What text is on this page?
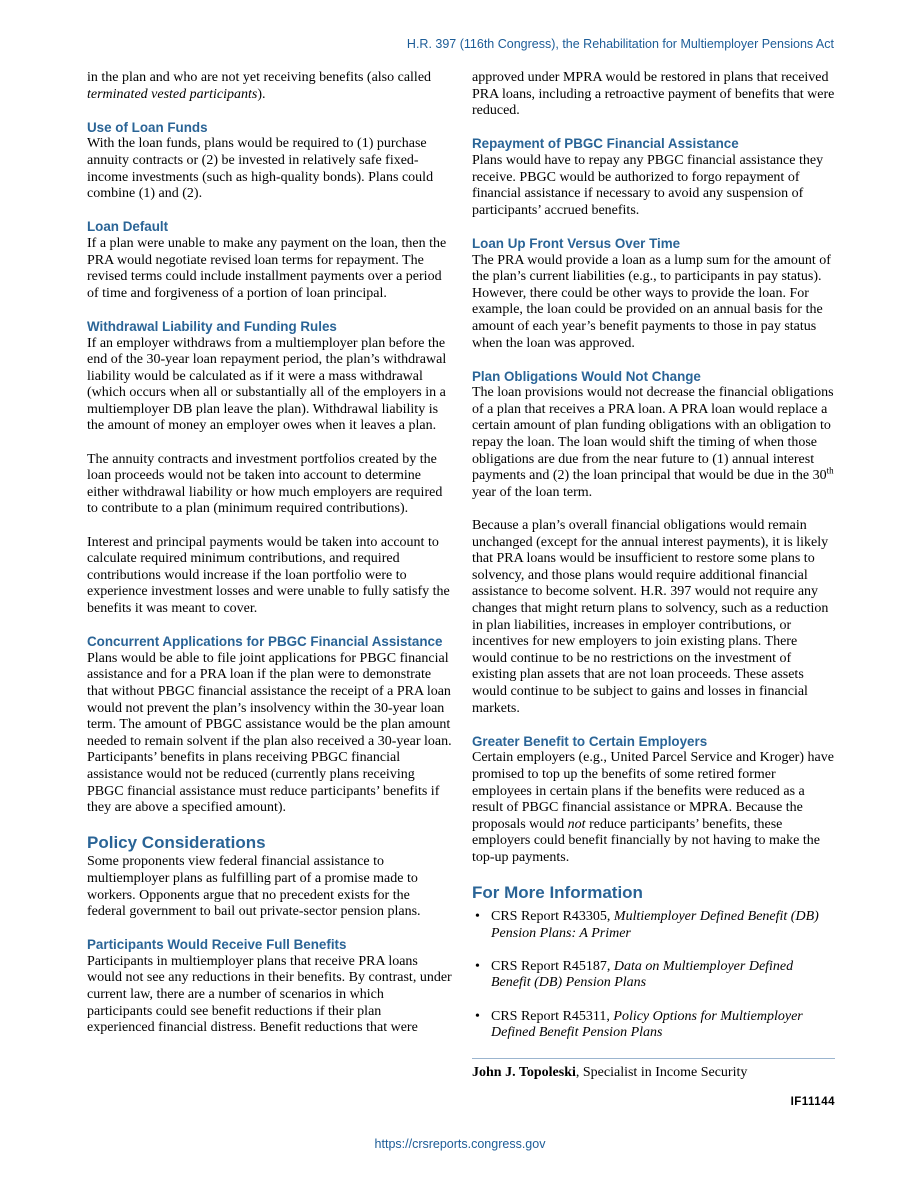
H.R. 397 (116th Congress), the Rehabilitation for Multiemployer Pensions Act

in the plan and who are not yet receiving benefits (also called terminated vested participants).

Use of Loan Funds

With the loan funds, plans would be required to (1) purchase annuity contracts or (2) be invested in relatively safe fixed-income investments (such as high-quality bonds). Plans could combine (1) and (2).

Loan Default

If a plan were unable to make any payment on the loan, then the PRA would negotiate revised loan terms for repayment. The revised terms could include installment payments over a period of time and forgiveness of a portion of loan principal.

Withdrawal Liability and Funding Rules

If an employer withdraws from a multiemployer plan before the end of the 30-year loan repayment period, the plan’s withdrawal liability would be calculated as if it were a mass withdrawal (which occurs when all or substantially all of the employers in a multiemployer DB plan leave the plan). Withdrawal liability is the amount of money an employer owes when it leaves a plan.

The annuity contracts and investment portfolios created by the loan proceeds would not be taken into account to determine either withdrawal liability or how much employers are required to contribute to a plan (minimum required contributions).

Interest and principal payments would be taken into account to calculate required minimum contributions, and required contributions would increase if the loan portfolio were to experience investment losses and were unable to fully satisfy the benefits it was meant to cover.

Concurrent Applications for PBGC Financial Assistance

Plans would be able to file joint applications for PBGC financial assistance and for a PRA loan if the plan were to demonstrate that without PBGC financial assistance the receipt of a PRA loan would not prevent the plan’s insolvency within the 30-year loan term. The amount of PBGC assistance would be the plan amount needed to remain solvent if the plan also received a 30-year loan. Participants’ benefits in plans receiving PBGC financial assistance would not be reduced (currently plans receiving PBGC financial assistance must reduce participants’ benefits if they are above a specified amount).

Policy Considerations

Some proponents view federal financial assistance to multiemployer plans as fulfilling part of a promise made to workers. Opponents argue that no precedent exists for the federal government to bail out private-sector pension plans.

Participants Would Receive Full Benefits

Participants in multiemployer plans that receive PRA loans would not see any reductions in their benefits. By contrast, under current law, there are a number of scenarios in which participants could see benefit reductions if their plan experienced financial distress. Benefit reductions that were

approved under MPRA would be restored in plans that received PRA loans, including a retroactive payment of benefits that were reduced.

Repayment of PBGC Financial Assistance

Plans would have to repay any PBGC financial assistance they receive. PBGC would be authorized to forgo repayment of financial assistance if necessary to avoid any suspension of participants’ accrued benefits.

Loan Up Front Versus Over Time

The PRA would provide a loan as a lump sum for the amount of the plan’s current liabilities (e.g., to participants in pay status). However, there could be other ways to provide the loan. For example, the loan could be provided on an annual basis for the amount of each year’s benefit payments to those in pay status when the loan was approved.

Plan Obligations Would Not Change

The loan provisions would not decrease the financial obligations of a plan that receives a PRA loan. A PRA loan would replace a certain amount of plan funding obligations with an obligation to repay the loan. The loan would shift the timing of when those obligations are due from the near future to (1) annual interest payments and (2) the loan principal that would be due in the 30th year of the loan term.

Because a plan’s overall financial obligations would remain unchanged (except for the annual interest payments), it is likely that PRA loans would be insufficient to restore some plans to solvency, and those plans would require additional financial assistance to become solvent. H.R. 397 would not require any changes that might return plans to solvency, such as a reduction in plan liabilities, increases in employer contributions, or incentives for new employers to join existing plans. There would continue to be no restrictions on the investment of existing plan assets that are not loan proceeds. These assets would continue to be subject to gains and losses in financial markets.

Greater Benefit to Certain Employers

Certain employers (e.g., United Parcel Service and Kroger) have promised to top up the benefits of some retired former employees in certain plans if the benefits were reduced as a result of PBGC financial assistance or MPRA. Because the proposals would not reduce participants’ benefits, these employers could benefit financially by not having to make the top-up payments.

For More Information
• CRS Report R43305, Multiemployer Defined Benefit (DB) Pension Plans: A Primer
• CRS Report R45187, Data on Multiemployer Defined Benefit (DB) Pension Plans
• CRS Report R45311, Policy Options for Multiemployer Defined Benefit Pension Plans
John J. Topoleski, Specialist in Income Security
IF11144
https://crsreports.congress.gov
